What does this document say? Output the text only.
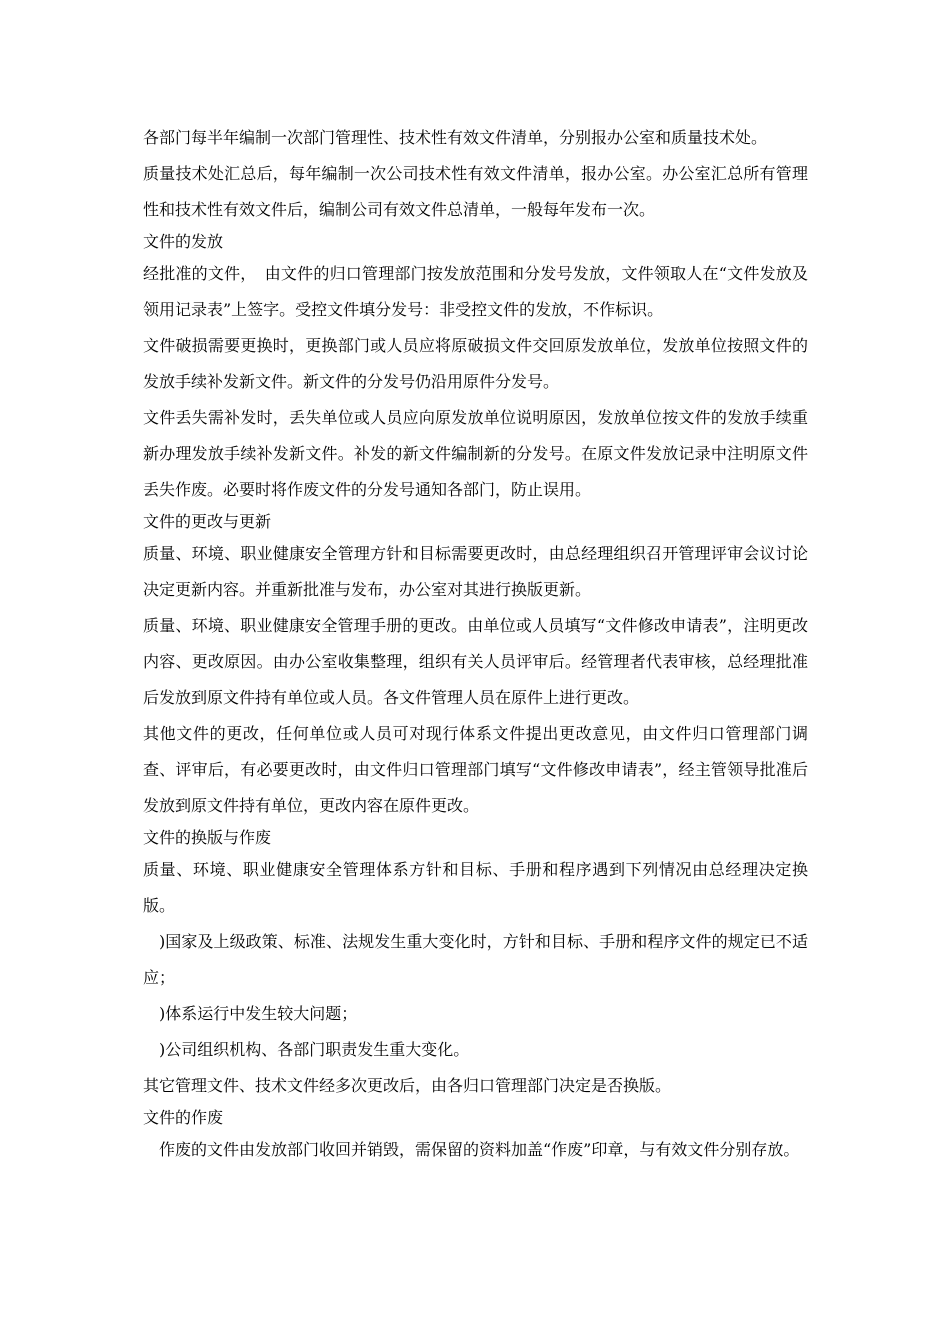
各部门每半年编制一次部门管理性、技术性有效文件清单，分别报办公室和质量技术处。

质量技术处汇总后，每年编制一次公司技术性有效文件清单，报办公室。办公室汇总所有管理性和技术性有效文件后，编制公司有效文件总清单，一般每年发布一次。

文件的发放

经批准的文件，　由文件的归口管理部门按发放范围和分发号发放，文件领取人在“文件发放及领用记录表”上签字。受控文件填分发号：非受控文件的发放，不作标识。

文件破损需要更换时，更换部门或人员应将原破损文件交回原发放单位，发放单位按照文件的发放手续补发新文件。新文件的分发号仍沿用原件分发号。

文件丢失需补发时，丢失单位或人员应向原发放单位说明原因，发放单位按文件的发放手续重新办理发放手续补发新文件。补发的新文件编制新的分发号。在原文件发放记录中注明原文件丢失作废。必要时将作废文件的分发号通知各部门，防止误用。

文件的更改与更新

质量、环境、职业健康安全管理方针和目标需要更改时，由总经理组织召开管理评审会议讨论决定更新内容。并重新批准与发布，办公室对其进行换版更新。

质量、环境、职业健康安全管理手册的更改。由单位或人员填写“文件修改申请表”，注明更改内容、更改原因。由办公室收集整理，组织有关人员评审后。经管理者代表审核，总经理批准后发放到原文件持有单位或人员。各文件管理人员在原件上进行更改。

其他文件的更改，任何单位或人员可对现行体系文件提出更改意见，由文件归口管理部门调查、评审后，有必要更改时，由文件归口管理部门填写“文件修改申请表”，经主管领导批准后发放到原文件持有单位，更改内容在原件更改。

文件的换版与作废

质量、环境、职业健康安全管理体系方针和目标、手册和程序遇到下列情况由总经理决定换版。

)国家及上级政策、标准、法规发生重大变化时，方针和目标、手册和程序文件的规定已不适应；

)体系运行中发生较大问题；

)公司组织机构、各部门职责发生重大变化。

其它管理文件、技术文件经多次更改后，由各归口管理部门决定是否换版。

文件的作废

作废的文件由发放部门收回并销毁，需保留的资料加盖“作废”印章，与有效文件分别存放。
